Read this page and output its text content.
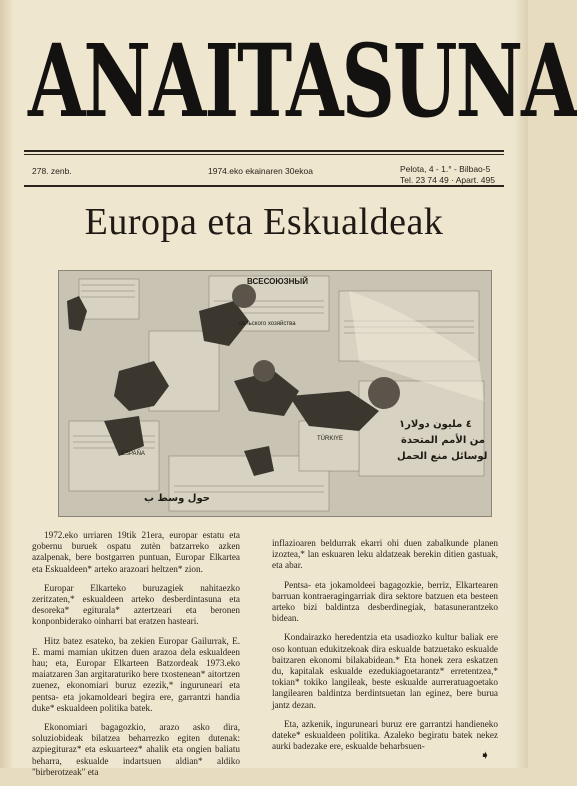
ANAITASUNA
278. zenb.	1974.eko ekainaren 30ekoa	Pelota, 4 - 1.° - Bilbao-5
Tel. 23 74 49 · Apart. 495
Europa eta Eskualdeak
ВСЕСОЮЗНЫЙ
сельского хозяйства
ESPAÑA
TÜRKIYE
۱٤ مليون دولار
من الأمم المتحدة
لوسائل منع الحمل
حول وسط ب

1972.eko urriaren 19tik 21era, europar estatu eta gobernu buruek ospatu zutèn batzarreko azken azalpenak, bere bostgarren puntuan, Europar Elkartea eta Eskualdeen* arteko arazoari heltzen* zion.

Europar Elkarteko buruzagiek nahitaezko zeritzaten,* eskualdeen arteko desberdintasuna eta desoreka* egiturala* aztertzeari eta beronen konponbiderako oinharri bat eratzen hasteari.

Hitz batez esateko, ba zekien Europar Gailurrak, E. E. mami mamian ukitzen duen arazoa dela eskualdeen hau; eta, Europar Elkarteen Batzordeak 1973.eko maiatzaren 3an argitaraturiko bere txostenean* aitortzen zuenez, ekonomiari buruz ezezik,* ingurunearí eta pentsa- eta jokamoldeari begira ere, garrantzi handia duke* eskualdeen politika batek.

Ekonomiari bagagozkio, arazo asko dira, soluziobideak bilatzea beharrezko egiten dutenak: azpiegituraz* eta eskuarteez* ahalik eta ongien baliatu beharra, eskualde indartsuen aldian* aldiko "birberotzeak" eta

inflazioaren beldurrak ekarri ohi duen zabalkunde planen izoztea,* lan eskuaren leku aldatzeak berekin ditien gastuak, eta abar.

Pentsa- eta jokamoldeei bagagozkie, berriz, Elkartearen barruan kontraeragingarriak dira sektore batzuen eta besteen arteko bizi baldintza desberdinegiak, batasunerantzeko bidean.

Kondairazko heredentzia eta usadiozko kultur baliak ere oso kontuan edukitzekoak dira eskualde batzuetako eskualde baitzaren ekonomi bilakabidean.* Eta honek zera eskatzen du, kapitalak eskualde ezedukiagoetarantz* erretentzea,* tokian* tokiko langileak, beste eskualde aurreratuagoetako langilearen baldintza berdintsuetan lan eginez, bere burua jantz dezan.

Eta, azkenik, inguruneari buruz ere garrantzi handieneko dateke* eskualdeen politika. Azaleko begiratu batek nekez aurki badezake ere, eskualde beharbsuen-

➧
